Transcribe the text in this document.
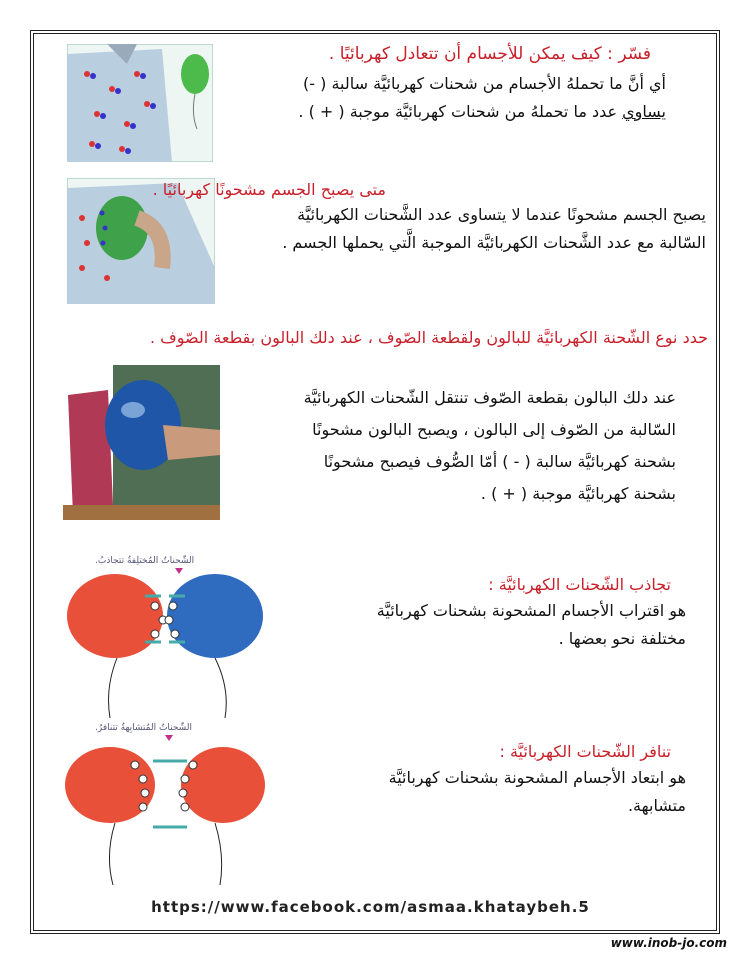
فسّر : كيف يمكن للأجسام أن تتعادل كهربائيًا .
أي أنَّ ما تحملهُ الأجسام من شحنات كهربائيَّة سالبة ( -)
يساوي عدد ما تحملهُ من شحنات كهربائيَّة موجبة ( + ) .
متى يصبح الجسم مشحونًا كهربائيًا .
يصبح الجسم مشحونًا عندما لا يتساوى عدد الشَّحنات الكهربائيَّة
السّالبة مع عدد الشَّحنات الكهربائيَّة الموجبة الَّتي يحملها الجسم .
حدد نوع الشّحنة الكهربائيَّة للبالون ولقطعة الصّوف ، عند دلك البالون بقطعة الصّوف .
عند دلك البالون بقطعة الصّوف تنتقل الشّحنات الكهربائيَّة
السّالبة من الصّوف إلى البالون ، ويصبح البالون مشحونًا
بشحنة كهربائيَّة سالبة ( - ) أمّا الصُّوف فيصبح مشحونًا
بشحنة كهربائيَّة موجبة ( + ) .
الشّحناتُ المُختلِفةُ تتجاذبُ.
تجاذب الشّحنات الكهربائيَّة :
هو اقتراب الأجسام المشحونة بشحنات كهربائيَّة
مختلفة نحو بعضها .
الشّحناتُ المُتشابِهةُ تتنافرُ.
تنافر الشّحنات الكهربائيَّة :
هو ابتعاد الأجسام المشحونة بشحنات كهربائيَّة
متشابهة.
https://www.facebook.com/asmaa.khataybeh.5
www.inob-jo.com
